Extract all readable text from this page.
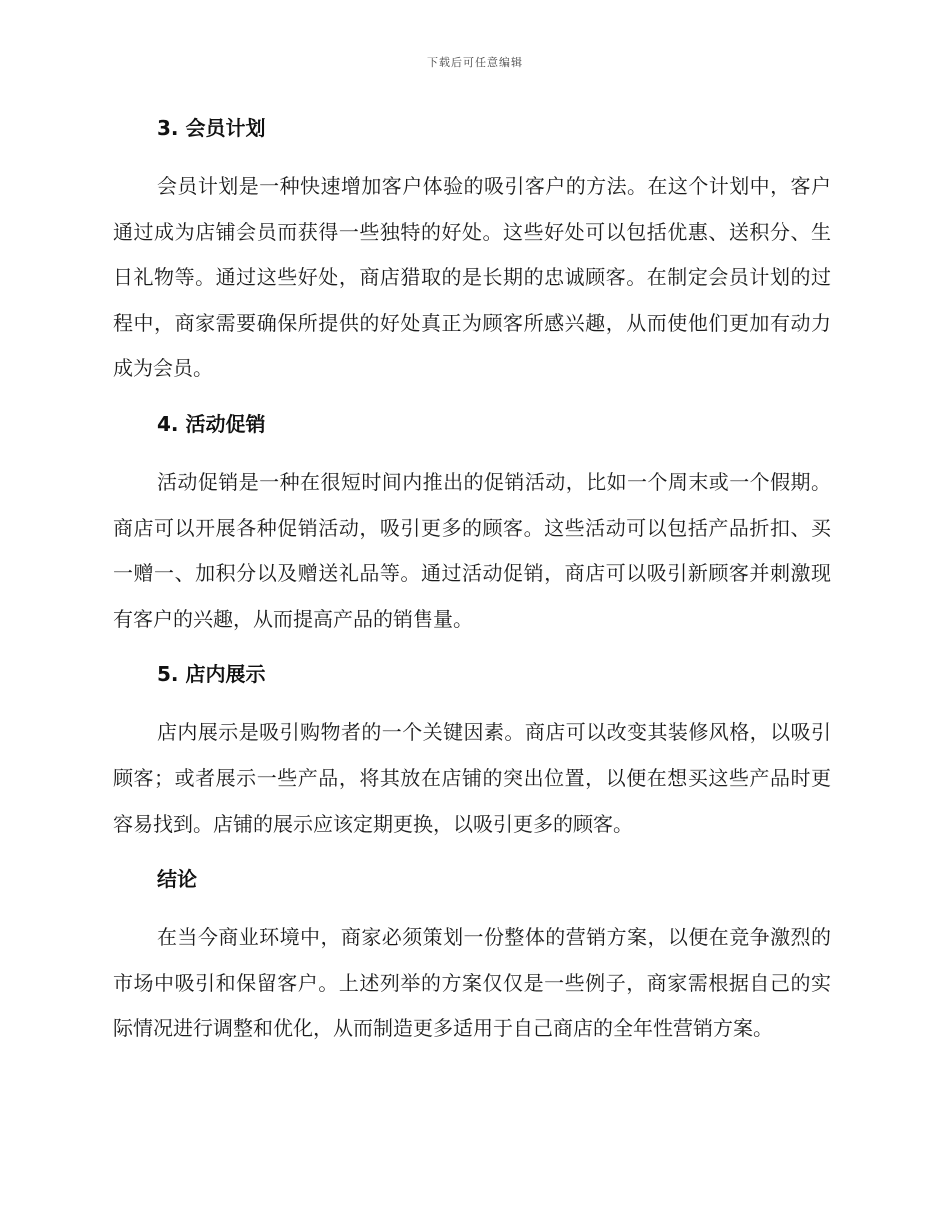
下载后可任意编辑
3. 会员计划

会员计划是一种快速增加客户体验的吸引客户的方法。在这个计划中，客户通过成为店铺会员而获得一些独特的好处。这些好处可以包括优惠、送积分、生日礼物等。通过这些好处，商店猎取的是长期的忠诚顾客。在制定会员计划的过程中，商家需要确保所提供的好处真正为顾客所感兴趣，从而使他们更加有动力成为会员。

4. 活动促销

活动促销是一种在很短时间内推出的促销活动，比如一个周末或一个假期。商店可以开展各种促销活动，吸引更多的顾客。这些活动可以包括产品折扣、买一赠一、加积分以及赠送礼品等。通过活动促销，商店可以吸引新顾客并刺激现有客户的兴趣，从而提高产品的销售量。

5. 店内展示

店内展示是吸引购物者的一个关键因素。商店可以改变其装修风格，以吸引顾客；或者展示一些产品，将其放在店铺的突出位置，以便在想买这些产品时更容易找到。店铺的展示应该定期更换，以吸引更多的顾客。

结论

在当今商业环境中，商家必须策划一份整体的营销方案，以便在竞争激烈的市场中吸引和保留客户。上述列举的方案仅仅是一些例子，商家需根据自己的实际情况进行调整和优化，从而制造更多适用于自己商店的全年性营销方案。
